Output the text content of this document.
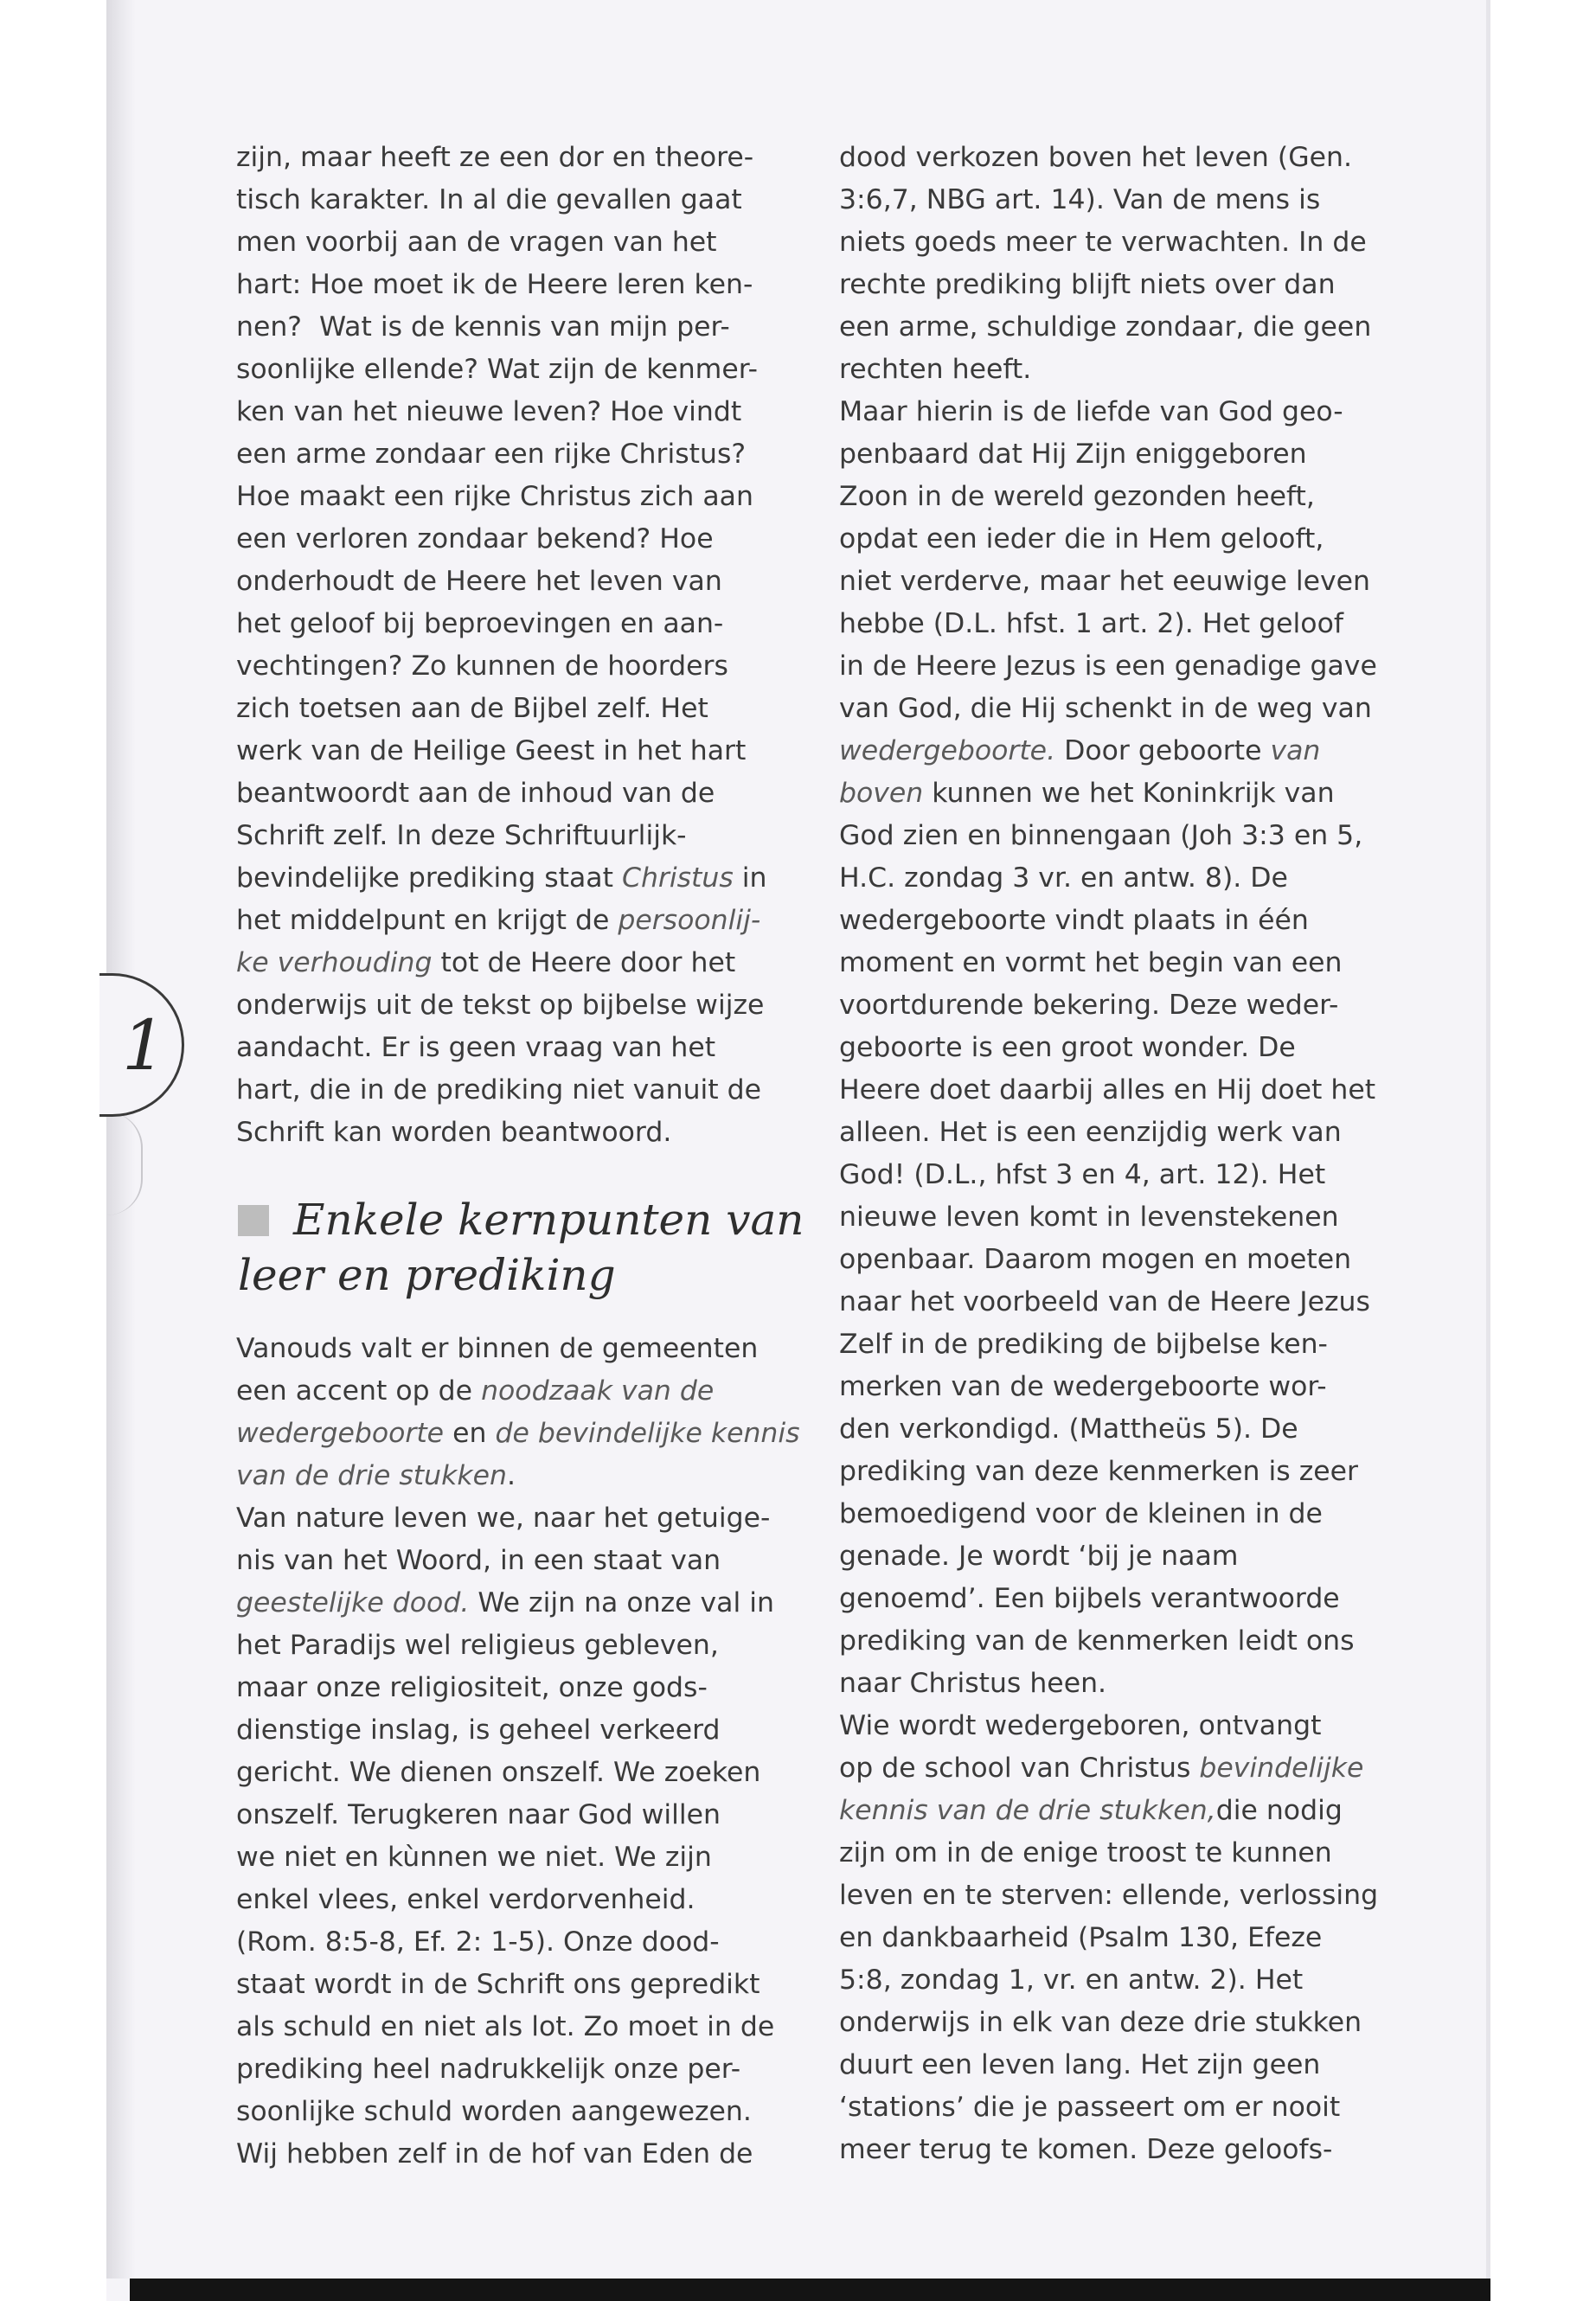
1
zijn, maar heeft ze een dor en theore-
tisch karakter. In al die gevallen gaat
men voorbij aan de vragen van het
hart: Hoe moet ik de Heere leren ken-
nen?  Wat is de kennis van mijn per-
soonlijke ellende? Wat zijn de kenmer-
ken van het nieuwe leven? Hoe vindt
een arme zondaar een rijke Christus?
Hoe maakt een rijke Christus zich aan
een verloren zondaar bekend? Hoe
onderhoudt de Heere het leven van
het geloof bij beproevingen en aan-
vechtingen? Zo kunnen de hoorders
zich toetsen aan de Bijbel zelf. Het
werk van de Heilige Geest in het hart
beantwoordt aan de inhoud van de
Schrift zelf. In deze Schriftuurlijk-
bevindelijke prediking staat Christus in
het middelpunt en krijgt de persoonlij-
ke verhouding tot de Heere door het
onderwijs uit de tekst op bijbelse wijze
aandacht. Er is geen vraag van het
hart, die in de prediking niet vanuit de
Schrift kan worden beantwoord.
Enkele kernpunten van
leer en prediking
Vanouds valt er binnen de gemeenten
een accent op de noodzaak van de
wedergeboorte en de bevindelijke kennis
van de drie stukken.
Van nature leven we, naar het getuige-
nis van het Woord, in een staat van
geestelijke dood. We zijn na onze val in
het Paradijs wel religieus gebleven,
maar onze religiositeit, onze gods-
dienstige inslag, is geheel verkeerd
gericht. We dienen onszelf. We zoeken
onszelf. Terugkeren naar God willen
we niet en kùnnen we niet. We zijn
enkel vlees, enkel verdorvenheid.
(Rom. 8:5-8, Ef. 2: 1-5). Onze dood-
staat wordt in de Schrift ons gepredikt
als schuld en niet als lot. Zo moet in de
prediking heel nadrukkelijk onze per-
soonlijke schuld worden aangewezen.
Wij hebben zelf in de hof van Eden de
dood verkozen boven het leven (Gen.
3:6,7, NBG art. 14). Van de mens is
niets goeds meer te verwachten. In de
rechte prediking blijft niets over dan
een arme, schuldige zondaar, die geen
rechten heeft.
Maar hierin is de liefde van God geo-
penbaard dat Hij Zijn eniggeboren
Zoon in de wereld gezonden heeft,
opdat een ieder die in Hem gelooft,
niet verderve, maar het eeuwige leven
hebbe (D.L. hfst. 1 art. 2). Het geloof
in de Heere Jezus is een genadige gave
van God, die Hij schenkt in de weg van
wedergeboorte. Door geboorte van
boven kunnen we het Koninkrijk van
God zien en binnengaan (Joh 3:3 en 5,
H.C. zondag 3 vr. en antw. 8). De
wedergeboorte vindt plaats in één
moment en vormt het begin van een
voortdurende bekering. Deze weder-
geboorte is een groot wonder. De
Heere doet daarbij alles en Hij doet het
alleen. Het is een eenzijdig werk van
God! (D.L., hfst 3 en 4, art. 12). Het
nieuwe leven komt in levenstekenen
openbaar. Daarom mogen en moeten
naar het voorbeeld van de Heere Jezus
Zelf in de prediking de bijbelse ken-
merken van de wedergeboorte wor-
den verkondigd. (Mattheüs 5). De
prediking van deze kenmerken is zeer
bemoedigend voor de kleinen in de
genade. Je wordt ‘bij je naam
genoemd’. Een bijbels verantwoorde
prediking van de kenmerken leidt ons
naar Christus heen.
Wie wordt wedergeboren, ontvangt
op de school van Christus bevindelijke
kennis van de drie stukken,die nodig
zijn om in de enige troost te kunnen
leven en te sterven: ellende, verlossing
en dankbaarheid (Psalm 130, Efeze
5:8, zondag 1, vr. en antw. 2). Het
onderwijs in elk van deze drie stukken
duurt een leven lang. Het zijn geen
‘stations’ die je passeert om er nooit
meer terug te komen. Deze geloofs-
